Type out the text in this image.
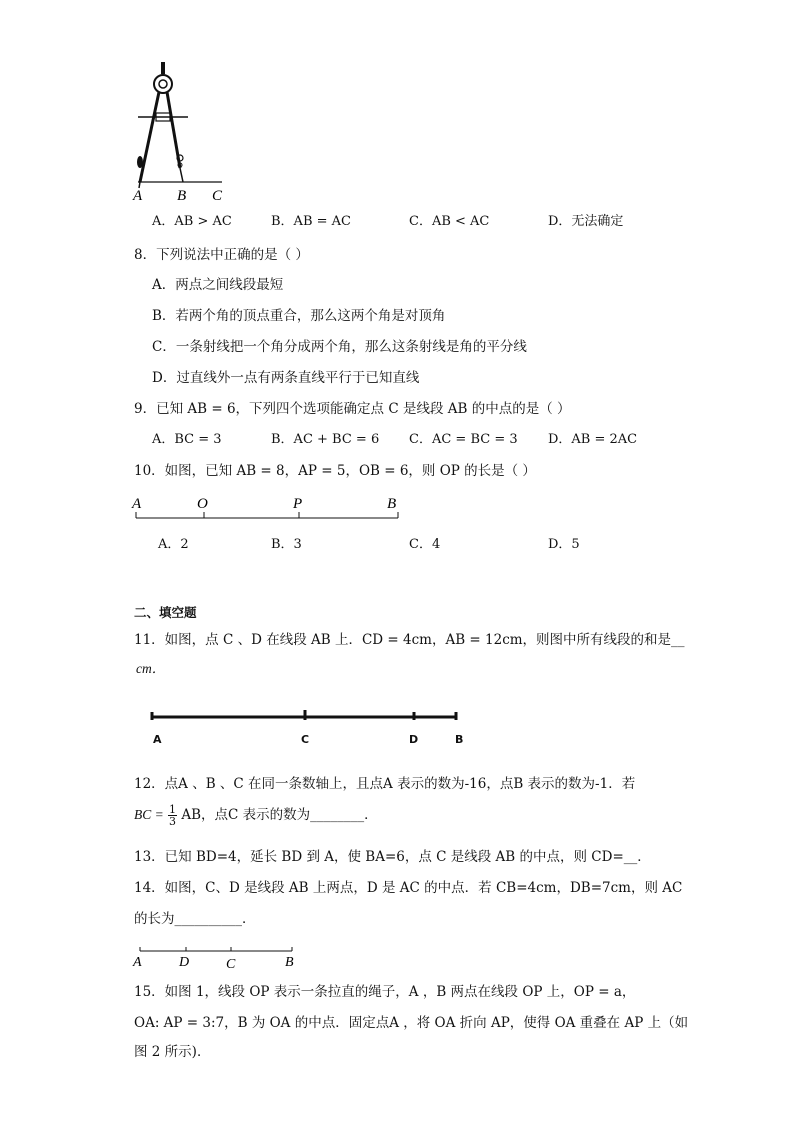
A B C
A．AB > AC	B．AB = AC	C．AB < AC	D．无法确定
8．下列说法中正确的是（ ）
A．两点之间线段最短
B．若两个角的顶点重合，那么这两个角是对顶角
C．一条射线把一个角分成两个角，那么这条射线是角的平分线
D．过直线外一点有两条直线平行于已知直线
9．已知 AB = 6，下列四个选项能确定点 C 是线段 AB 的中点的是（ ）
A．BC = 3	B．AC + BC = 6 C．AC = BC = 3 D．AB = 2AC
10．如图，已知 AB = 8，AP = 5，OB = 6，则 OP 的长是（ ）
A	O	P	B
A．2	B．3	C．4	D．5
二、填空题
11．如图，点 C 、D 在线段 AB 上．CD = 4cm，AB = 12cm，则图中所有线段的和是__
cm．
A	C	D	B
12．点A 、B 、C 在同一条数轴上，且点A 表示的数为-16，点B 表示的数为-1．若
BC = $\frac{1}{3}$ AB，点C 表示的数为________．
13．已知 BD=4，延长 BD 到 A，使 BA=6，点 C 是线段 AB 的中点，则 CD=__．
14．如图，C、D 是线段 AB 上两点，D 是 AC 的中点．若 CB=4cm，DB=7cm，则 AC
的长为__________．
A	D	C	B
15．如图 1，线段 OP 表示一条拉直的绳子，A ，B 两点在线段 OP 上，OP = a，
OA: AP = 3:7，B 为 OA 的中点．固定点A ，将 OA 折向 AP，使得 OA 重叠在 AP 上（如
图 2 所示)．
